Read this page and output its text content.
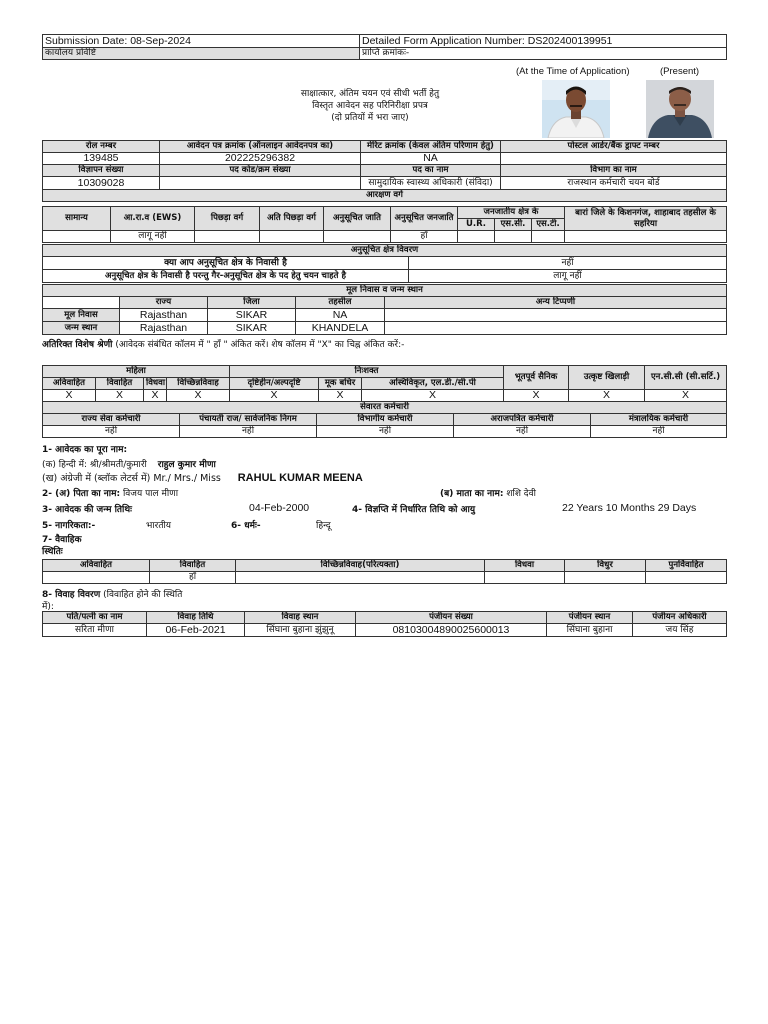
Submission Date: 08-Sep-2024	Detailed Form Application Number: DS202400139951
कार्यालय प्रविष्टि	प्राप्ति क्रमांकः-
(At the Time of Application)	(Present)
साक्षात्कार, अंतिम चयन एवं सीधी भर्ती हेतु
विस्तृत आवेदन सह परिनिरीक्षा प्रपत्र
(दो प्रतियों में भरा जाए)
रोल नम्बर	आवेदन पत्र क्रमांक (ऑनलाइन आवेदनपत्र का)	मेरिट क्रमांक (केवल अंतिम परिणाम हेतु)	पोस्टल आर्डर/बैंक ड्राफ्ट नम्बर
139485	202225296382	NA	
विज्ञापन संख्या	पद कोड/क्रम संख्या	पद का नाम	विभाग का नाम
10309028		सामुदायिक स्वास्थ्य अधिकारी (संविदा)	राजस्थान कर्मचारी चयन बोर्ड
आरक्षण वर्ग			
सामान्य	आ.रा.व (EWS)	पिछड़ा वर्ग	अति पिछड़ा वर्ग	अनुसूचित जाति	अनुसूचित जनजाति	जनजातीय क्षेत्र के			बारां जिले के किशनगंज, शाहाबाद तहसील के सहरिया
						U.R.	एस.सी.	एस.टी.	
	लागू नहीं				हाँ				
अनुसूचित क्षेत्र विवरण	
क्या आप अनुसूचित क्षेत्र के निवासी है	नहीं
अनुसूचित क्षेत्र के निवासी है परन्तु गैर-अनुसूचित क्षेत्र के पद हेतु चयन चाहते है	लागू नहीं
मूल निवास व जन्म स्थान				
	राज्य	जिला	तहसील	अन्य टिप्पणी
मूल निवास	Rajasthan	SIKAR	NA	
जन्म स्थान	Rajasthan	SIKAR	KHANDELA	
अतिरिक्त विशेष श्रेणी (आवेदक संबंधित कॉलम में " हाँ " अंकित करें। शेष कॉलम में "X" का चिह्न अंकित करें:-
महिला				निःशक्त			भूतपूर्व सैनिक	उत्कृष्ट खिलाड़ी	एन.सी.सी (सी.सर्टि.)
अविवाहित	विवाहित	विधवा	विच्छिन्नविवाह	दृष्टिहीन/अल्पदृष्टि	मूक बधिर	अस्थिविकृत, एल.डी./सी.पी			
X	X	X	X	X	X	X	X	X	X
सेवारत कर्मचारी				
राज्य सेवा कर्मचारी	पंचायती राज/ सार्वजनिक निगम	विभागीय कर्मचारी	अराजपत्रित कर्मचारी	मंत्रालयिक कर्मचारी
नहीं	नहीं	नहीं	नहीं	नहीं
1- आवेदक का पूरा नाम:
(क) हिन्दी में: श्री/श्रीमती/कुमारी राहुल कुमार मीणा
(ख) अंग्रेजी में (ब्लॉक लेटर्स में) Mr./ Mrs./ Miss RAHUL KUMAR MEENA
2- (अ) पिता का नाम: विजय पाल मीणा	(ब) माता का नाम: शशि देवी
3- आवेदक की जन्म तिथिः	04-Feb-2000	4- विज्ञप्ति में निर्धारित तिथि को आयु	22 Years 10 Months 29 Days
5- नागरिकता:-	भारतीय	6- धर्मः-	हिन्दू
7- वैवाहिक
स्थितिः
अविवाहित	विवाहित	विच्छिन्नविवाह(परित्यक्ता)	विधवा	विधुर	पुनर्विवाहित
	हाँ				
8- विवाह विवरण (विवाहित होने की स्थिति
में):
पति/पत्नी का नाम	विवाह तिथि	विवाह स्थान	पंजीयन संख्या	पंजीयन स्थान	पंजीयन अधिकारी
सरिता मीणा	06-Feb-2021	सिंघाना बुहाना झुंझुनू	08103004890025600013	सिंघाना बुहाना	जय सिंह
